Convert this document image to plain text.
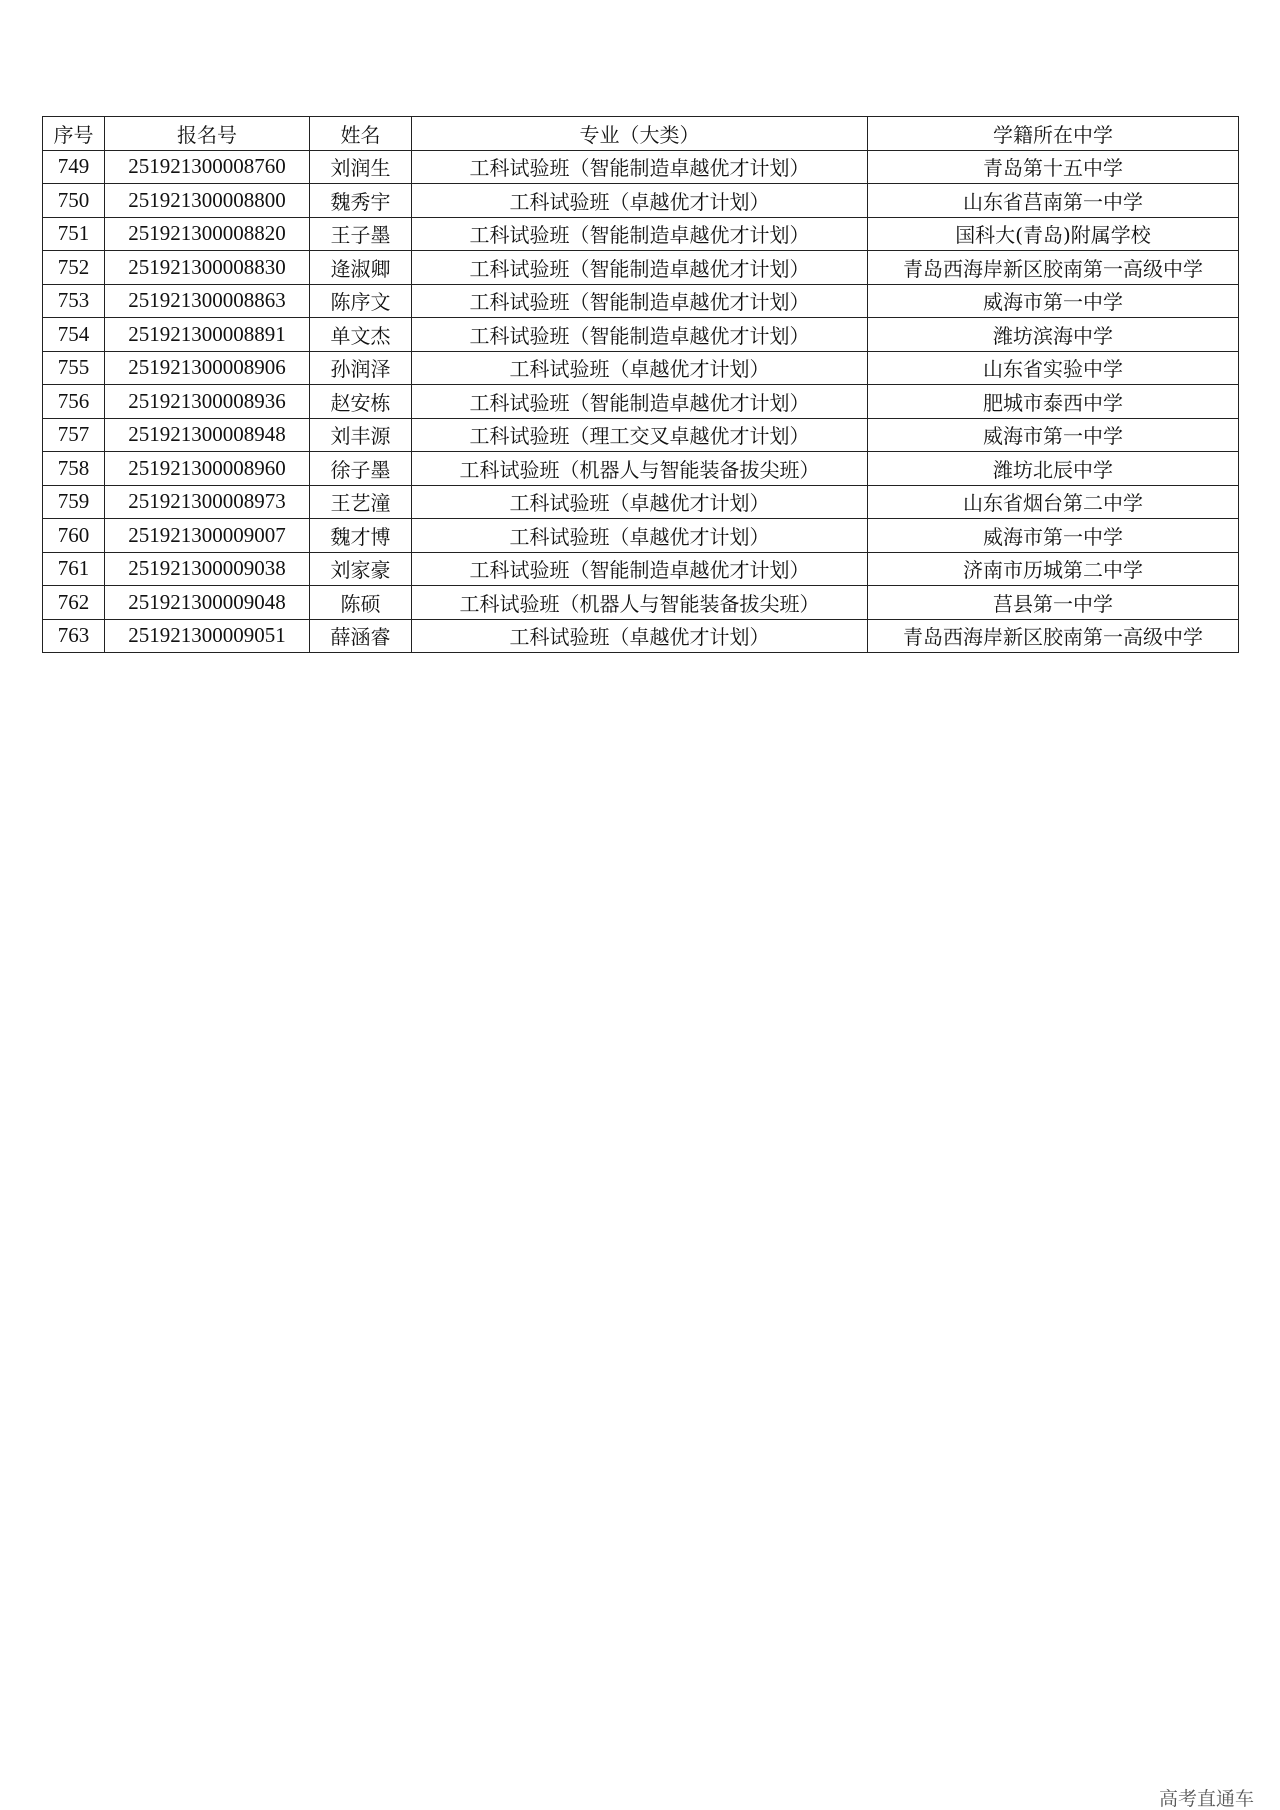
序号	报名号	姓名	专业（大类）	学籍所在中学
749	251921300008760	刘润生	工科试验班（智能制造卓越优才计划）	青岛第十五中学
750	251921300008800	魏秀宇	工科试验班（卓越优才计划）	山东省莒南第一中学
751	251921300008820	王子墨	工科试验班（智能制造卓越优才计划）	国科大(青岛)附属学校
752	251921300008830	逄淑卿	工科试验班（智能制造卓越优才计划）	青岛西海岸新区胶南第一高级中学
753	251921300008863	陈序文	工科试验班（智能制造卓越优才计划）	威海市第一中学
754	251921300008891	单文杰	工科试验班（智能制造卓越优才计划）	潍坊滨海中学
755	251921300008906	孙润泽	工科试验班（卓越优才计划）	山东省实验中学
756	251921300008936	赵安栋	工科试验班（智能制造卓越优才计划）	肥城市泰西中学
757	251921300008948	刘丰源	工科试验班（理工交叉卓越优才计划）	威海市第一中学
758	251921300008960	徐子墨	工科试验班（机器人与智能装备拔尖班）	潍坊北辰中学
759	251921300008973	王艺潼	工科试验班（卓越优才计划）	山东省烟台第二中学
760	251921300009007	魏才博	工科试验班（卓越优才计划）	威海市第一中学
761	251921300009038	刘家豪	工科试验班（智能制造卓越优才计划）	济南市历城第二中学
762	251921300009048	陈硕	工科试验班（机器人与智能装备拔尖班）	莒县第一中学
763	251921300009051	薛涵睿	工科试验班（卓越优才计划）	青岛西海岸新区胶南第一高级中学
高考直通车
